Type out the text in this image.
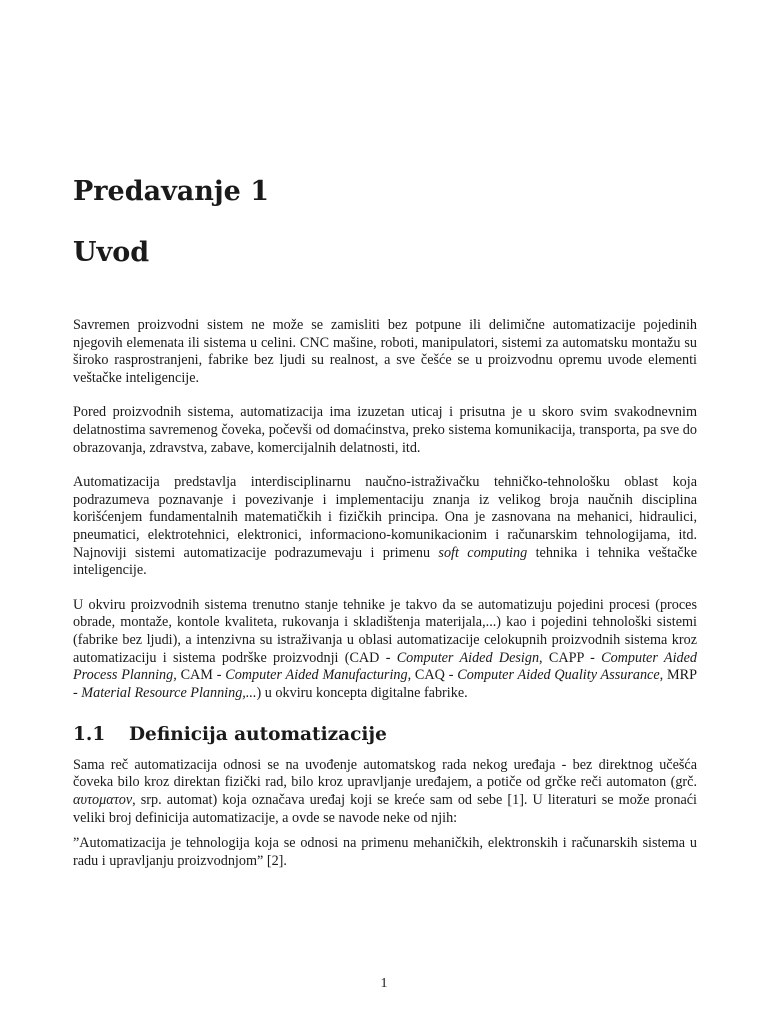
Predavanje 1
Uvod

Savremen proizvodni sistem ne može se zamisliti bez potpune ili delimične automatizacije pojedinih njegovih elemenata ili sistema u celini. CNC mašine, roboti, manipulatori, sistemi za automatsku montažu su široko rasprostranjeni, fabrike bez ljudi su realnost, a sve češće se u proizvodnu opremu uvode elementi veštačke inteligencije.

Pored proizvodnih sistema, automatizacija ima izuzetan uticaj i prisutna je u skoro svim svakodnevnim delatnostima savremenog čoveka, počevši od domaćinstva, preko sistema komunikacija, transporta, pa sve do obrazovanja, zdravstva, zabave, komercijalnih delatnosti, itd.

Automatizacija predstavlja interdisciplinarnu naučno-istraživačku tehničko-tehnološku oblast koja podrazumeva poznavanje i povezivanje i implementaciju znanja iz velikog broja naučnih disciplina korišćenjem fundamentalnih matematičkih i fizičkih principa. Ona je zasnovana na mehanici, hidraulici, pneumatici, elektrotehnici, elektronici, informaciono-komunikacionim i računarskim tehnologijama, itd. Najnoviji sistemi automatizacije podrazumevaju i primenu soft computing tehnika i tehnika veštačke inteligencije.

U okviru proizvodnih sistema trenutno stanje tehnike je takvo da se automatizuju pojedini procesi (proces obrade, montaže, kontole kvaliteta, rukovanja i skladištenja materijala,...) kao i pojedini tehnološki sistemi (fabrike bez ljudi), a intenzivna su istraživanja u oblasi automatizacije celokupnih proizvodnih sistema kroz automatizaciju i sistema podrške proizvodnji (CAD - Computer Aided Design, CAPP - Computer Aided Process Planning, CAM - Computer Aided Manufacturing, CAQ - Computer Aided Quality Assurance, MRP - Material Resource Planning,...) u okviru koncepta digitalne fabrike.

1.1 Definicija automatizacije

Sama reč automatizacija odnosi se na uvođenje automatskog rada nekog uređaja - bez direktnog učešća čoveka bilo kroz direktan fizički rad, bilo kroz upravljanje uređajem, a potiče od grčke reči automaton (grč. αυτoματoν, srp. automat) koja označava uređaj koji se kreće sam od sebe [1]. U literaturi se može pronaći veliki broj definicija automatizacije, a ovde se navode neke od njih:

”Automatizacija je tehnologija koja se odnosi na primenu mehaničkih, elektronskih i računarskih sistema u radu i upravljanju proizvodnjom” [2].

1
